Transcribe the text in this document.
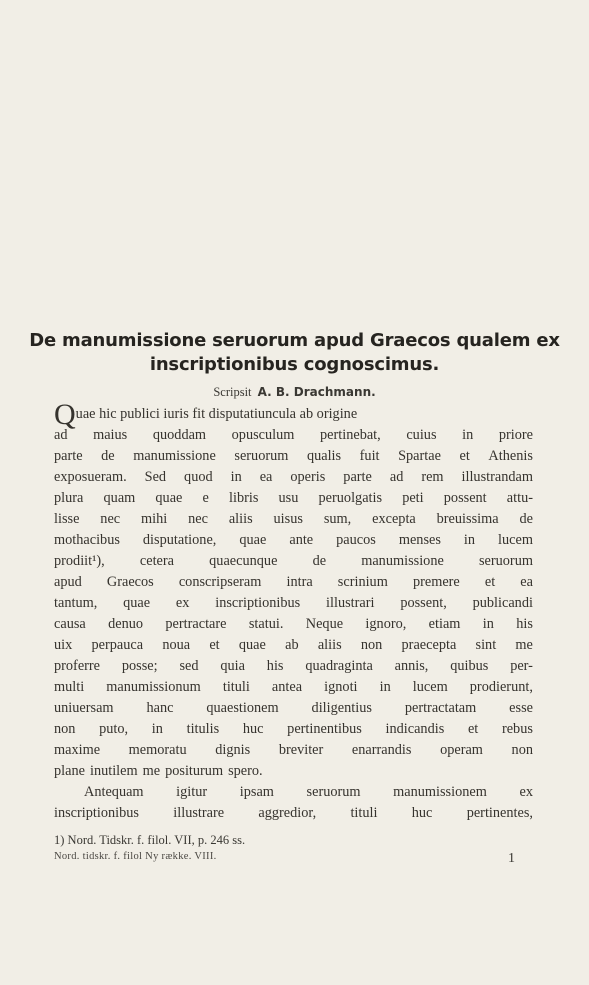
De manumissione seruorum apud Graecos qualem ex
inscriptionibus cognoscimus.
Scripsit A. B. Drachmann.
Quae hic publici iuris fit disputatiuncula ab origine
ad maius quoddam opusculum pertinebat, cuius in priore
parte de manumissione seruorum qualis fuit Spartae et Athenis
exposueram. Sed quod in ea operis parte ad rem illustrandam
plura quam quae e libris usu peruolgatis peti possent attu-
lisse nec mihi nec aliis uisus sum, excepta breuissima de
mothacibus disputatione, quae ante paucos menses in lucem
prodiit¹), cetera quaecunque de manumissione seruorum
apud Graecos conscripseram intra scrinium premere et ea
tantum, quae ex inscriptionibus illustrari possent, publicandi
causa denuo pertractare statui. Neque ignoro, etiam in his
uix perpauca noua et quae ab aliis non praecepta sint me
proferre posse; sed quia his quadraginta annis, quibus per-
multi manumissionum tituli antea ignoti in lucem prodierunt,
uniuersam hanc quaestionem diligentius pertractatam esse
non puto, in titulis huc pertinentibus indicandis et rebus
maxime memoratu dignis breviter enarrandis operam non
plane inutilem me positurum spero.
Antequam igitur ipsam seruorum manumissionem ex
inscriptionibus illustrare aggredior, tituli huc pertinentes,
1) Nord. Tidskr. f. filol. VII, p. 246 ss.
Nord. tidskr. f. filol Ny række. VIII.	1
